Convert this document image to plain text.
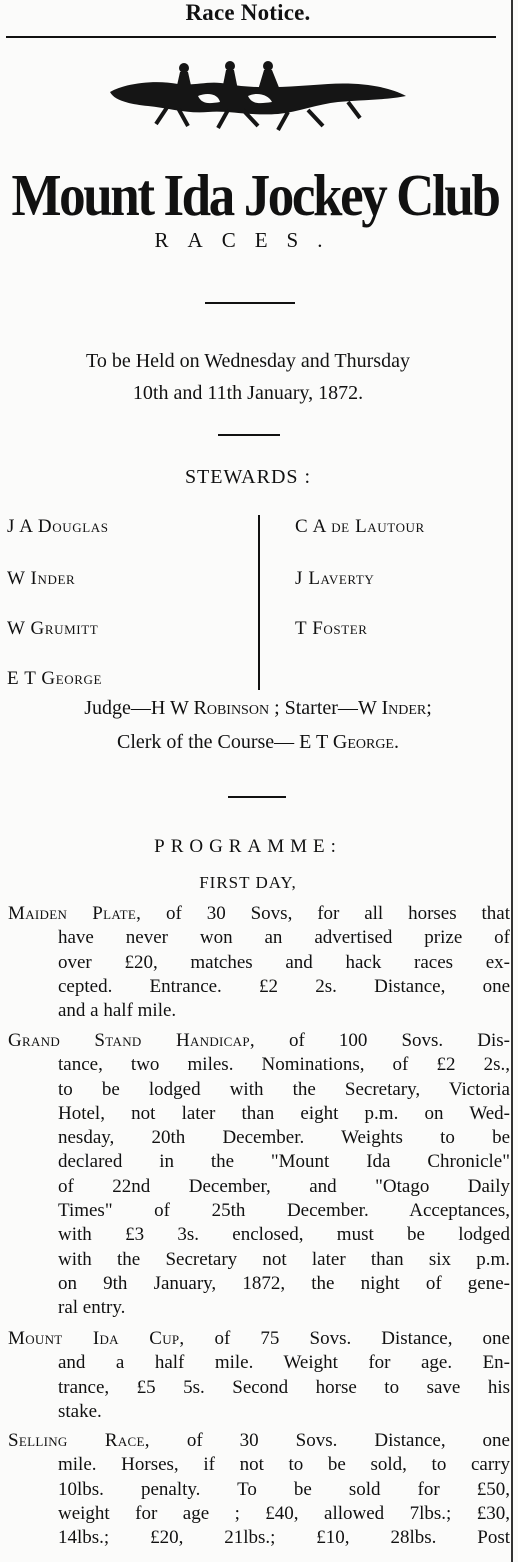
Race Notice.
Mount Ida Jockey Club
RACES.
To be Held on Wednesday and Thursday
10th and 11th January, 1872.
STEWARDS :
J A Douglas
W Inder
W Grumitt
E T George
C A de Lautour
J Laverty
T Foster
Judge—H W Robinson ; Starter—W Inder;
Clerk of the Course— E T George.
PROGRAMME:
FIRST DAY,
Maiden Plate, of 30 Sovs, for all horses that
have never won an advertised prize of
over £20, matches and hack races ex-
cepted. Entrance. £2 2s. Distance, one
and a half mile.
Grand Stand Handicap, of 100 Sovs. Dis-
tance, two miles. Nominations, of £2 2s.,
to be lodged with the Secretary, Victoria
Hotel, not later than eight p.m. on Wed-
nesday, 20th December. Weights to be
declared in the "Mount Ida Chronicle"
of 22nd December, and "Otago Daily
Times" of 25th December. Acceptances,
with £3 3s. enclosed, must be lodged
with the Secretary not later than six p.m.
on 9th January, 1872, the night of gene-
ral entry.
Mount Ida Cup, of 75 Sovs. Distance, one
and a half mile. Weight for age. En-
trance, £5 5s. Second horse to save his
stake.
Selling Race, of 30 Sovs. Distance, one
mile. Horses, if not to be sold, to carry
10lbs. penalty. To be sold for £50,
weight for age ; £40, allowed 7lbs.; £30,
14lbs.; £20, 21lbs.; £10, 28lbs. Post
